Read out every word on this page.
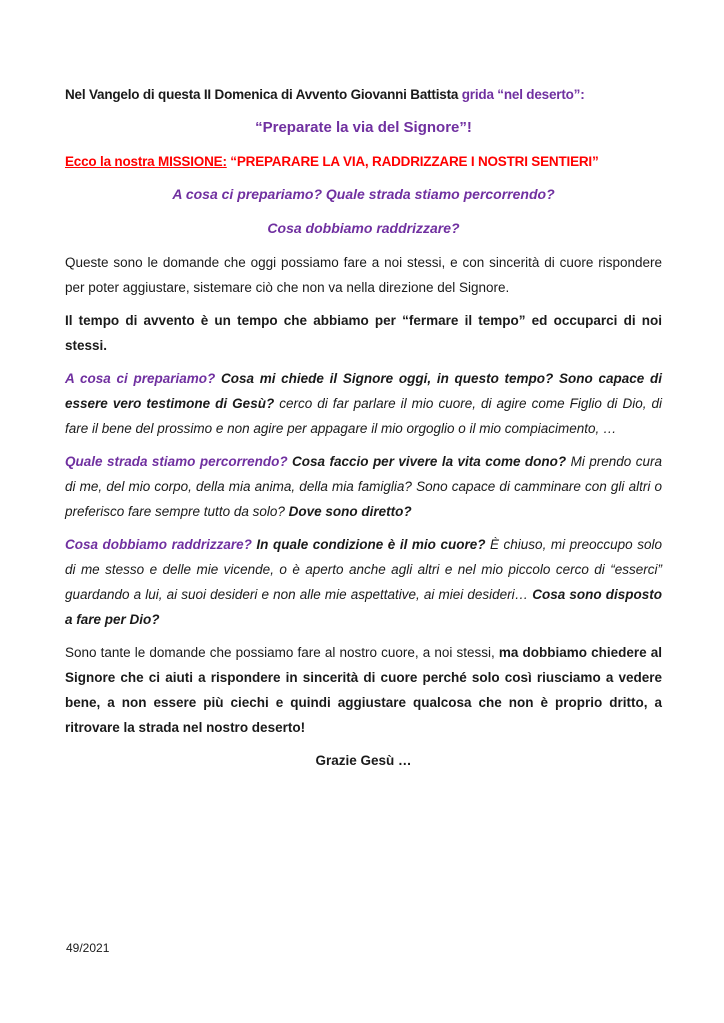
Nel Vangelo di questa II Domenica di Avvento Giovanni Battista grida “nel deserto”:

“Preparate la via del Signore”!

Ecco la nostra MISSIONE: “PREPARARE LA VIA, RADDRIZZARE I NOSTRI SENTIERI”

A cosa ci prepariamo? Quale strada stiamo percorrendo?

Cosa dobbiamo raddrizzare?

Queste sono le domande che oggi possiamo fare a noi stessi, e con sincerità di cuore rispondere per poter aggiustare, sistemare ciò che non va nella direzione del Signore.

Il tempo di avvento è un tempo che abbiamo per “fermare il tempo” ed occuparci di noi stessi.

A cosa ci prepariamo? Cosa mi chiede il Signore oggi, in questo tempo? Sono capace di essere vero testimone di Gesù? cerco di far parlare il mio cuore, di agire come Figlio di Dio, di fare il bene del prossimo e non agire per appagare il mio orgoglio o il mio compiacimento, …

Quale strada stiamo percorrendo? Cosa faccio per vivere la vita come dono? Mi prendo cura di me, del mio corpo, della mia anima, della mia famiglia? Sono capace di camminare con gli altri o preferisco fare sempre tutto da solo? Dove sono diretto?

Cosa dobbiamo raddrizzare? In quale condizione è il mio cuore? È chiuso, mi preoccupo solo di me stesso e delle mie vicende, o è aperto anche agli altri e nel mio piccolo cerco di “esserci” guardando a lui, ai suoi desideri e non alle mie aspettative, ai miei desideri… Cosa sono disposto a fare per Dio?

Sono tante le domande che possiamo fare al nostro cuore, a noi stessi, ma dobbiamo chiedere al Signore che ci aiuti a rispondere in sincerità di cuore perché solo così riusciamo a vedere bene, a non essere più ciechi e quindi aggiustare qualcosa che non è proprio dritto, a ritrovare la strada nel nostro deserto!

Grazie Gesù …

49/2021
